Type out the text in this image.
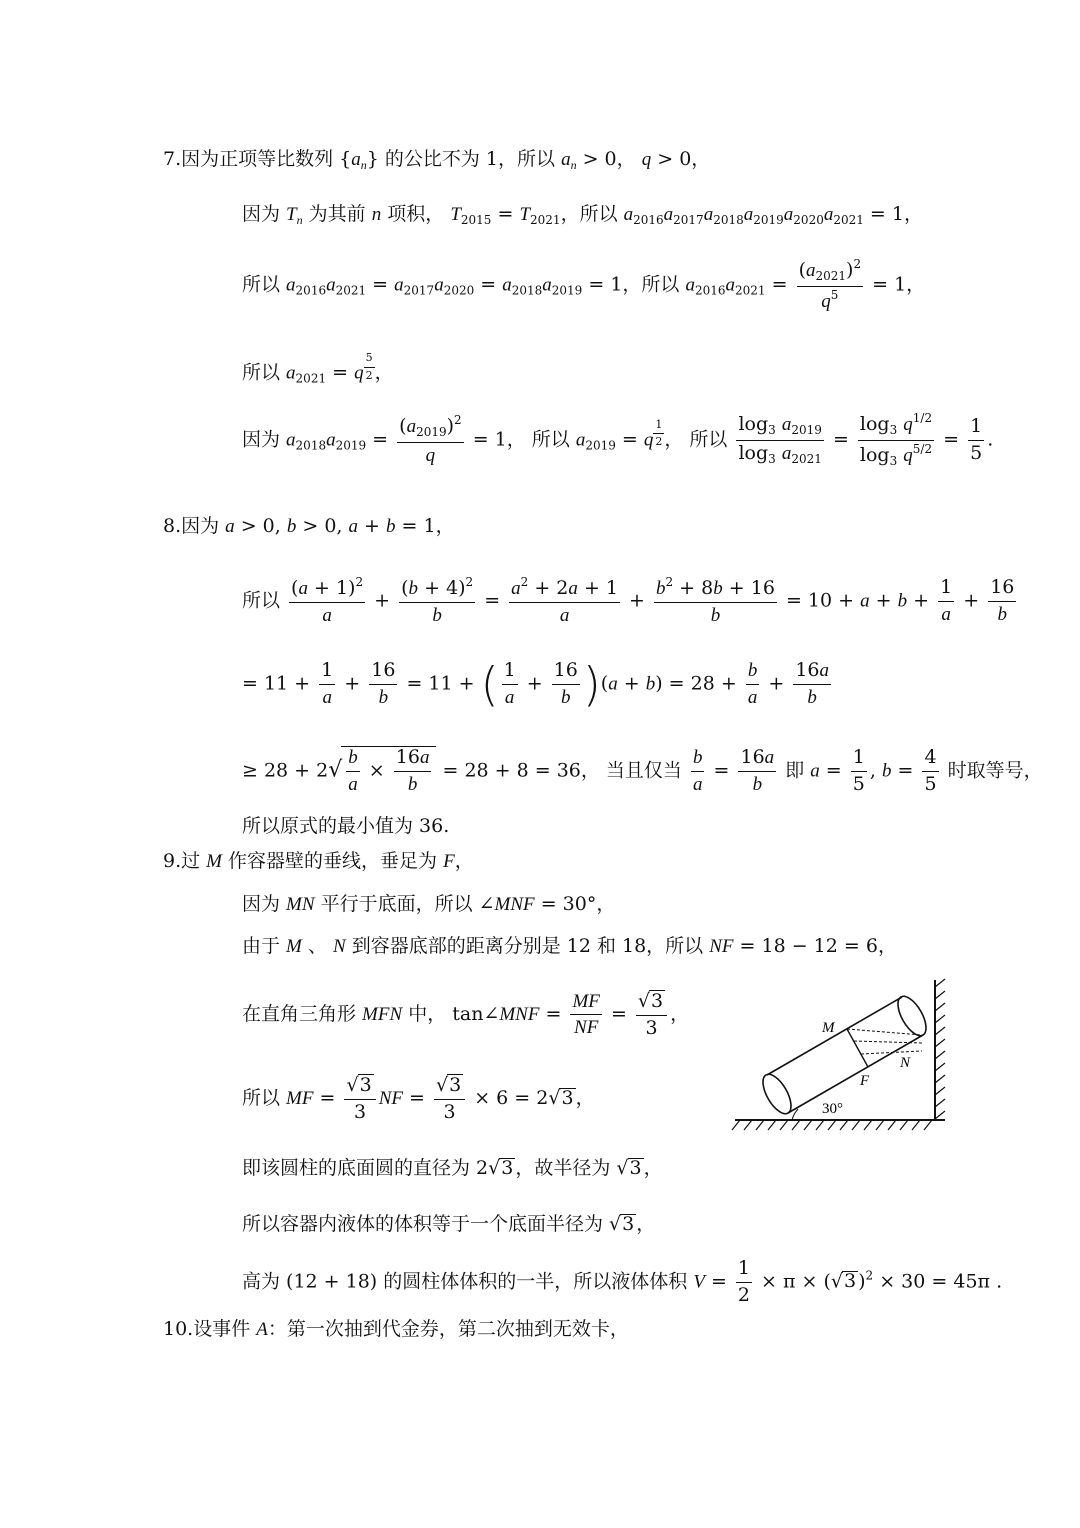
7.因为正项等比数列 $\{a_n\}$ 的公比不为 1，所以 $a_n > 0$， q > 0，
因为 $T_n$ 为其前 n 项积， $T_{2015} = T_{2021}$，所以 $a_{2016}a_{2017}a_{2018}a_{2019}a_{2020}a_{2021} = 1$，
所以 $a_{2016}a_{2021} = a_{2017}a_{2020} = a_{2018}a_{2019} = 1$，所以 $a_{2016}a_{2021} = \frac{(a_{2021})^2}{q^5} = 1$，
所以 $a_{2021} = q$ $^{\frac{5}{2}}$ ，
因为 $a_{2018}a_{2019} = \frac{(a_{2019})^2}{q} = 1$， 所以 $a_{2019} = q$ $^{\frac{1}{2}}$ ， 所以 $\frac{\log_3 a_{2019}}{\log_3 a_{2021}} = \frac{\log_3 q^{1/2}}{\log_3 q^{5/2}} = \frac{1}{5}$ .
8.因为 a > 0, b > 0, a + b = 1，
所以 $\frac{(a + 1)^2}{a} + \frac{(b + 4)^2}{b} = \frac{a^2 + 2a + 1}{a} + \frac{b^2 + 8b + 16}{b} = 10 + a + b + \frac{1}{a} + \frac{16}{b}$
= $11 + \frac{1}{a} + \frac{16}{b} = 11$ + ( $\frac{1}{a} + \frac{16}{b} )(a + b) = 28 + \frac{b}{a} + \frac{16a}{b}$
≥ $28 + 2√ \frac{b}{a} \times \frac{16a}{b} = 28 + 8 = 36$， 当且仅当 $\frac{b}{a} = \frac{16a}{b}$ 即 $a = \frac{1}{5}$ , $b = \frac{4}{5}$ 时取等号，
所以原式的最小值为 36.
9.过 M 作容器壁的垂线，垂足为 F，
因为 MN 平行于底面，所以 ∠MNF = 30°，
由于 M 、 N 到容器底部的距离分别是 12 和 18，所以 NF = 18 − 12 = 6，
在直角三角形 MFN 中， tan∠MNF = $\frac{MF}{NF} = \frac{√3}{3}$ ，
所以 MF = $\frac{√3}{3}$ NF = $\frac{√3}{3} \times 6 = 2√3$ ，
即该圆柱的底面圆的直径为 2√3 ，故半径为 √3 ，
所以容器内液体的体积等于一个底面半径为 √3 ，
高为 (12 + 18) 的圆柱体体积的一半，所以液体体积 $V = \frac{1}{2} \times \pi \times (√3$ )$^2$ × 30 = 45π .
10.设事件 A：第一次抽到代金券，第二次抽到无效卡，
M
N
F
30°
